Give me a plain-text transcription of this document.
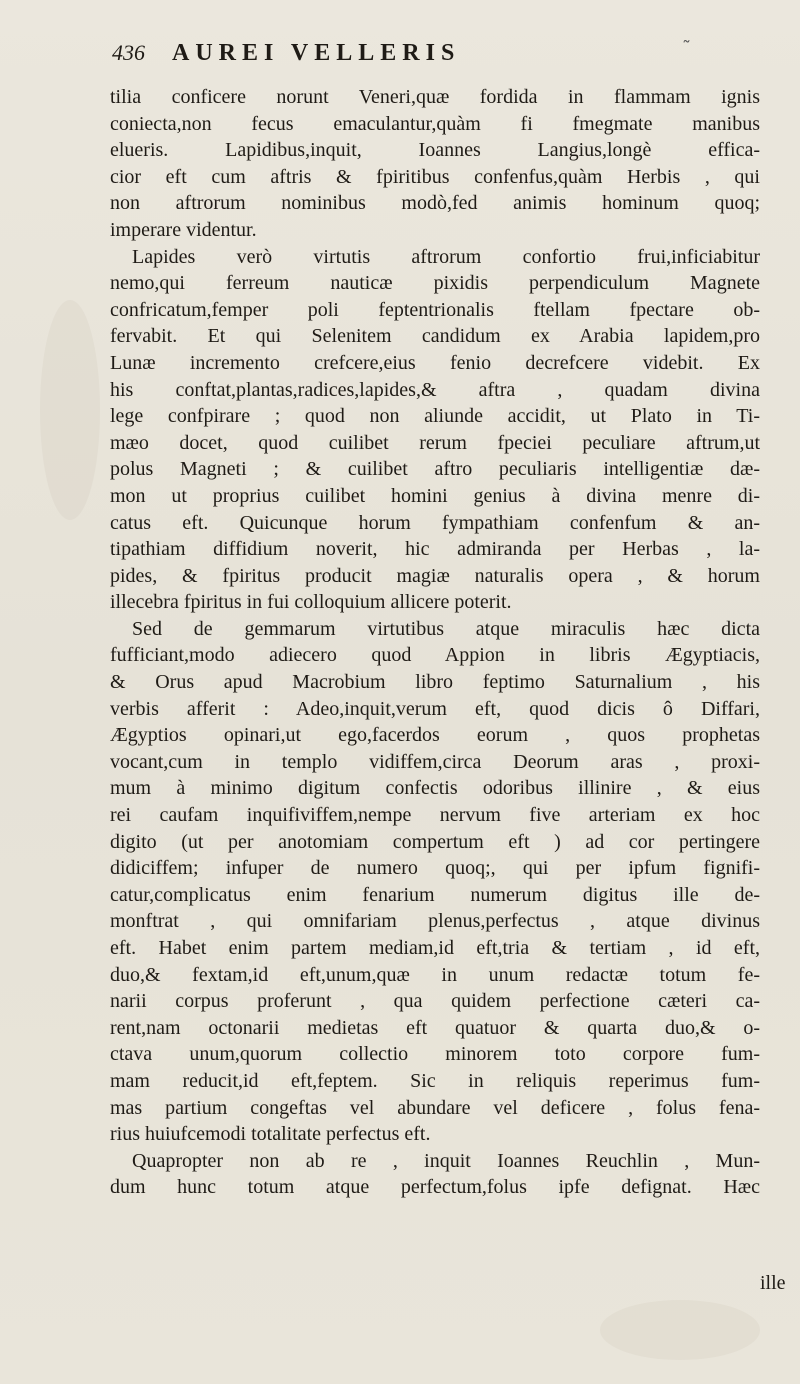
436 AUREI VELLERIS	˜
tilia conficere norunt Veneri,quæ fordida in flammam ignis
coniecta,non fecus emaculantur,quàm fi fmegmate manibus
elueris. Lapidibus,inquit, Ioannes Langius,longè effica-
cior eft cum aftris & fpiritibus confenfus,quàm Herbis , qui
non aftrorum nominibus modò,fed animis hominum quoq;
imperare videntur.
Lapides verò virtutis aftrorum confortio frui,inficiabitur
nemo,qui ferreum nauticæ pixidis perpendiculum Magnete
confricatum,femper poli feptentrionalis ftellam fpectare ob-
fervabit. Et qui Selenitem candidum ex Arabia lapidem,pro
Lunæ incremento crefcere,eius fenio decrefcere videbit. Ex
his conftat,plantas,radices,lapides,& aftra , quadam divina
lege confpirare ; quod non aliunde accidit, ut Plato in Ti-
mæo docet, quod cuilibet rerum fpeciei peculiare aftrum,ut
polus Magneti ; & cuilibet aftro peculiaris intelligentiæ dæ-
mon ut proprius cuilibet homini genius à divina menre di-
catus eft. Quicunque horum fympathiam confenfum & an-
tipathiam diffidium noverit, hic admiranda per Herbas , la-
pides, & fpiritus producit magiæ naturalis opera , & horum
illecebra fpiritus in fui colloquium allicere poterit.
Sed de gemmarum virtutibus atque miraculis hæc dicta
fufficiant,modo adiecero quod Appion in libris Ægyptiacis,
& Orus apud Macrobium libro feptimo Saturnalium , his
verbis afferit : Adeo,inquit,verum eft, quod dicis ô Diffari,
Ægyptios opinari,ut ego,facerdos eorum , quos prophetas
vocant,cum in templo vidiffem,circa Deorum aras , proxi-
mum à minimo digitum confectis odoribus illinire , & eius
rei caufam inquifiviffem,nempe nervum five arteriam ex hoc
digito (ut per anotomiam compertum eft ) ad cor pertingere
didiciffem; infuper de numero quoq;, qui per ipfum fignifi-
catur,complicatus enim fenarium numerum digitus ille de-
monftrat , qui omnifariam plenus,perfectus , atque divinus
eft. Habet enim partem mediam,id eft,tria & tertiam , id eft,
duo,& fextam,id eft,unum,quæ in unum redactæ totum fe-
narii corpus proferunt , qua quidem perfectione cæteri ca-
rent,nam octonarii medietas eft quatuor & quarta duo,& o-
ctava unum,quorum collectio minorem toto corpore fum-
mam reducit,id eft,feptem. Sic in reliquis reperimus fum-
mas partium congeftas vel abundare vel deficere , folus fena-
rius huiufcemodi totalitate perfectus eft.
Quapropter non ab re , inquit Ioannes Reuchlin , Mun-
dum hunc totum atque perfectum,folus ipfe defignat. Hæc
ille
